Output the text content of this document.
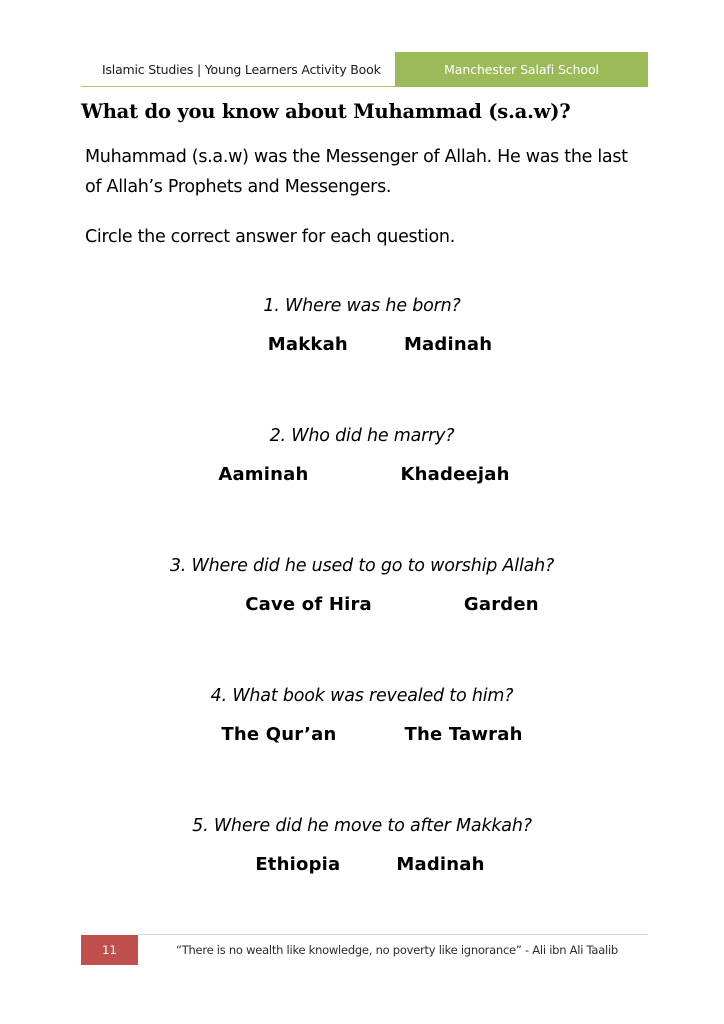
Islamic Studies | Young Learners Activity Book	Manchester Salafi School
What do you know about Muhammad (s.a.w)?

Muhammad (s.a.w) was the Messenger of Allah. He was the last of Allah’s Prophets and Messengers.

Circle the correct answer for each question.

1. Where was he born?
Makkah	Madinah
2. Who did he marry?
Aaminah	Khadeejah
3. Where did he used to go to worship Allah?
Cave of Hira	Garden
4. What book was revealed to him?
The Qur’an	The Tawrah
5. Where did he move to after Makkah?
Ethiopia	Madinah
11	“There is no wealth like knowledge, no poverty like ignorance” - Ali ibn Ali Taalib
